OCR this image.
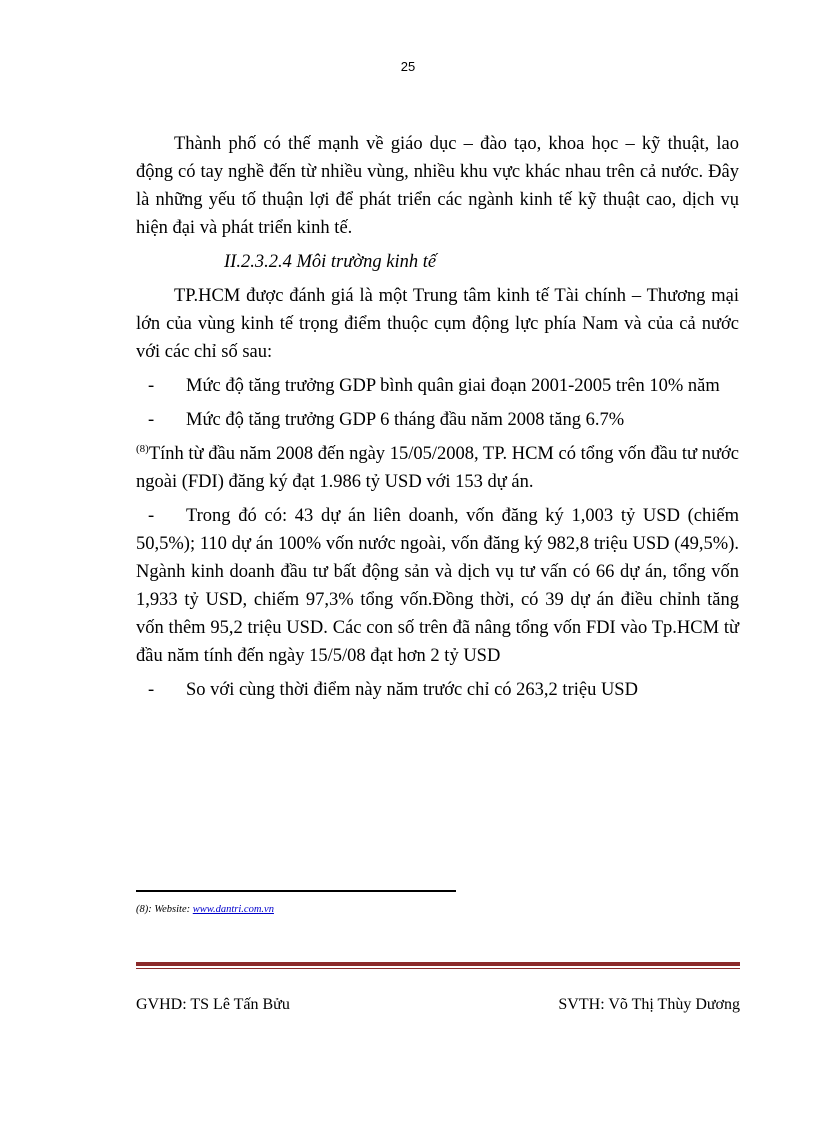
25

Thành phố có thế mạnh về giáo dục – đào tạo, khoa học – kỹ thuật, lao động có tay nghề đến từ nhiều vùng, nhiều khu vực khác nhau trên cả nước. Đây là những yếu tố thuận lợi để phát triển các ngành kinh tế kỹ thuật cao, dịch vụ hiện đại và phát triển kinh tế.

II.2.3.2.4 Môi trường kinh tế

TP.HCM được đánh giá là một Trung tâm kinh tế Tài chính – Thương mại lớn của vùng kinh tế trọng điểm thuộc cụm động lực phía Nam và của cả nước với các chỉ số sau:

- Mức độ tăng trưởng GDP bình quân giai đoạn 2001-2005 trên 10% năm

- Mức độ tăng trưởng GDP 6 tháng đầu năm 2008 tăng 6.7%

$^{(8)}$Tính từ đầu năm 2008 đến ngày 15/05/2008, TP. HCM có tổng vốn đầu tư nước ngoài (FDI) đăng ký đạt 1.986 tỷ USD với 153 dự án.

- Trong đó có: 43 dự án liên doanh, vốn đăng ký 1,003 tỷ USD (chiếm 50,5%); 110 dự án 100% vốn nước ngoài, vốn đăng ký 982,8 triệu USD (49,5%). Ngành kinh doanh đầu tư bất động sản và dịch vụ tư vấn có 66 dự án, tổng vốn 1,933 tỷ USD, chiếm 97,3% tổng vốn.Đồng thời, có 39 dự án điều chỉnh tăng vốn thêm 95,2 triệu USD. Các con số trên đã nâng tổng vốn FDI vào Tp.HCM từ đầu năm tính đến ngày 15/5/08 đạt hơn 2 tỷ USD

- So với cùng thời điểm này năm trước chỉ có 263,2 triệu USD

(8): Website: www.dantri.com.vn
GVHD: TS Lê Tấn Bửu	SVTH: Võ Thị Thùy Dương
